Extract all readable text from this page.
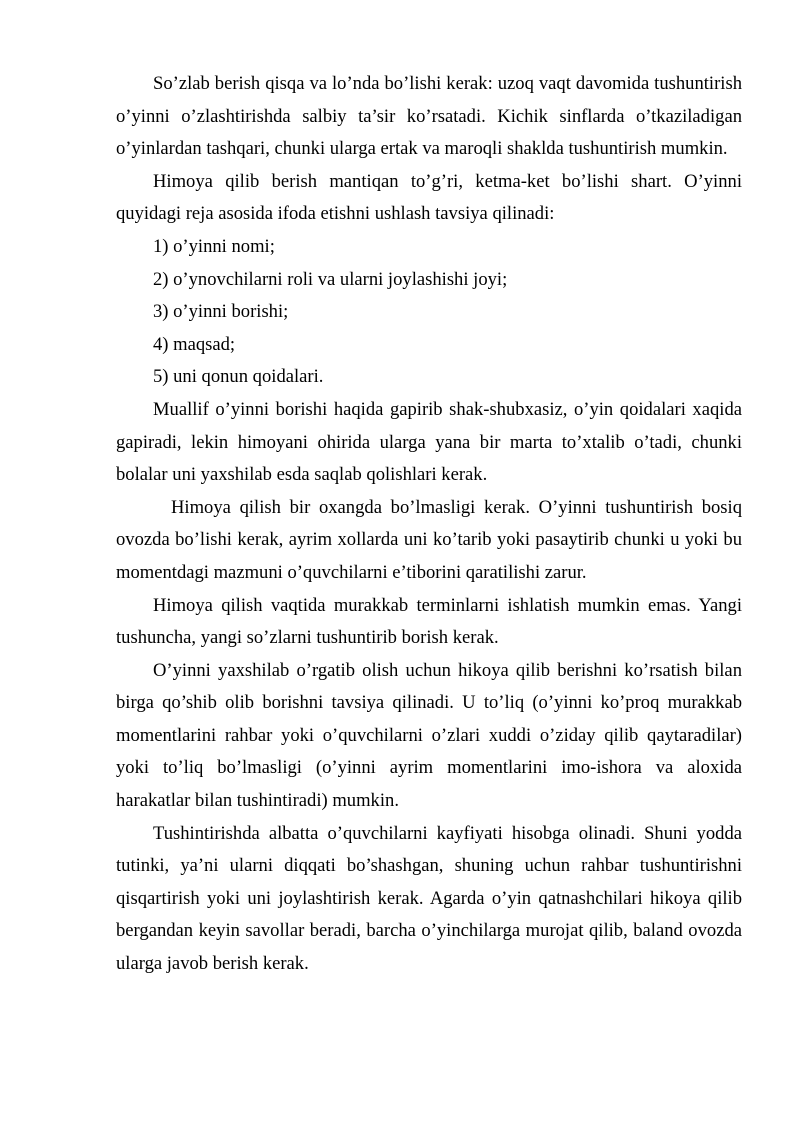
So’zlab berish qisqa va lo’nda bo’lishi kerak: uzoq vaqt davomida tushuntirish o’yinni o’zlashtirishda salbiy ta’sir ko’rsatadi. Kichik sinflarda o’tkaziladigan o’yinlardan tashqari, chunki ularga ertak va maroqli shaklda tushuntirish mumkin.

Himoya qilib berish mantiqan to’g’ri, ketma-ket bo’lishi shart. O’yinni quyidagi reja asosida ifoda etishni ushlash tavsiya qilinadi:

1) o’yinni nomi;

2) o’ynovchilarni roli va ularni joylashishi joyi;

3) o’yinni borishi;

4) maqsad;

5) uni qonun qoidalari.

Muallif o’yinni borishi haqida gapirib shak-shubxasiz, o’yin qoidalari xaqida gapiradi, lekin himoyani ohirida ularga yana bir marta to’xtalib o’tadi, chunki bolalar uni yaxshilab esda saqlab qolishlari kerak.

Himoya qilish bir oxangda bo’lmasligi kerak. O’yinni tushuntirish bosiq ovozda bo’lishi kerak, ayrim xollarda uni ko’tarib yoki pasaytirib chunki u yoki bu momentdagi mazmuni o’quvchilarni e’tiborini qaratilishi zarur.

Himoya qilish vaqtida murakkab terminlarni ishlatish mumkin emas. Yangi tushuncha, yangi so’zlarni tushuntirib borish kerak.

O’yinni yaxshilab o’rgatib olish uchun hikoya qilib berishni ko’rsatish bilan birga qo’shib olib borishni tavsiya qilinadi. U to’liq (o’yinni ko’proq murakkab momentlarini rahbar yoki o’quvchilarni o’zlari xuddi o’ziday qilib qaytaradilar) yoki to’liq bo’lmasligi (o’yinni ayrim momentlarini imo-ishora va aloxida harakatlar bilan tushintiradi) mumkin.

Tushintirishda albatta o’quvchilarni kayfiyati hisobga olinadi. Shuni yodda tutinki, ya’ni ularni diqqati bo’shashgan, shuning uchun rahbar tushuntirishni qisqartirish yoki uni joylashtirish kerak. Agarda o’yin qatnashchilari hikoya qilib bergandan keyin savollar beradi, barcha o’yinchilarga murojat qilib, baland ovozda ularga javob berish kerak.
